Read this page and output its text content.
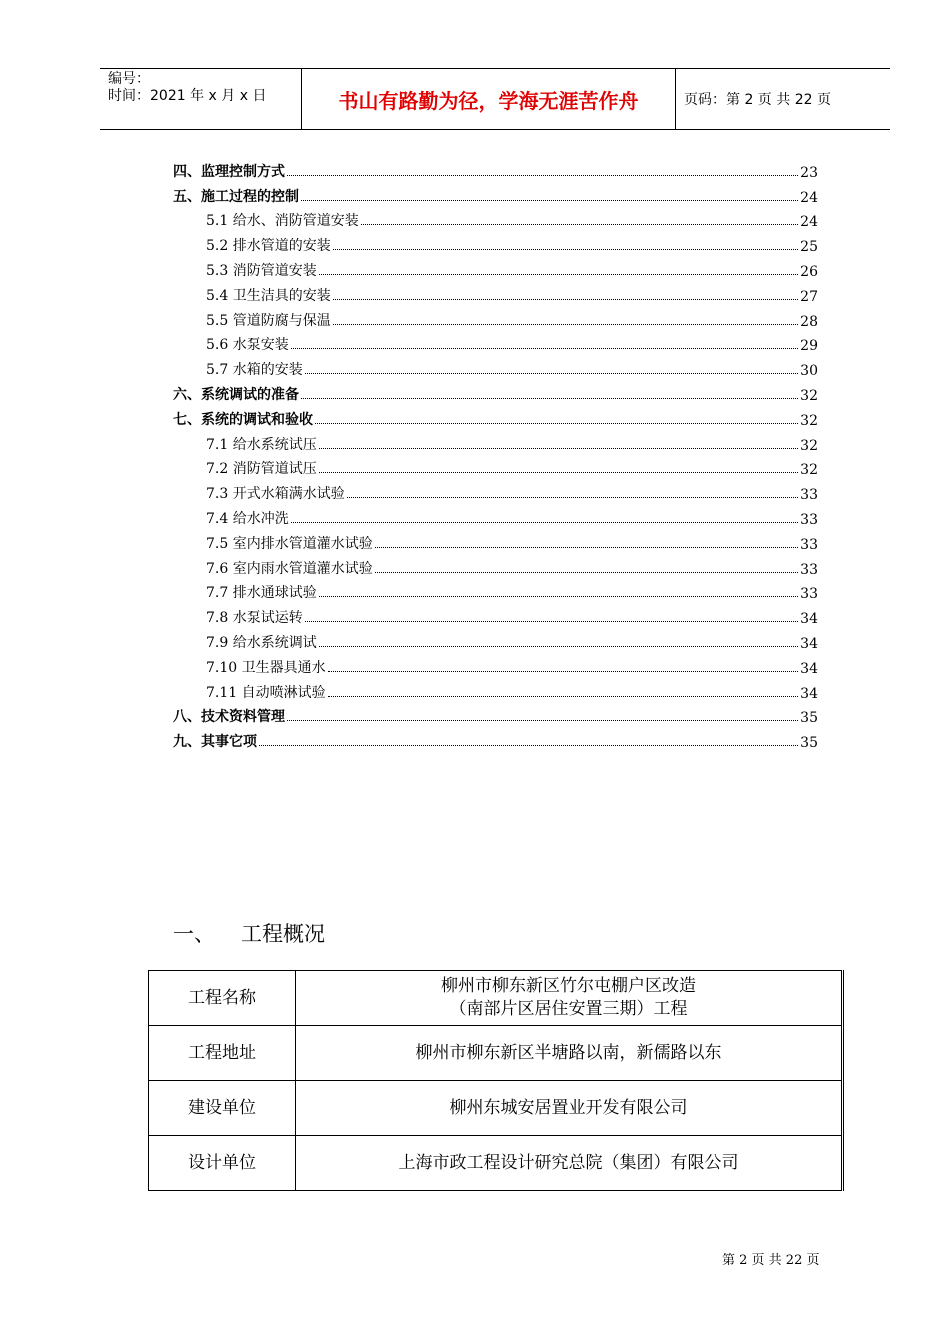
编号：
时间：2021 年 x 月 x 日	书山有路勤为径，学海无涯苦作舟	页码：第 2 页 共 22 页
四、监理控制方式	23
五、施工过程的控制	24
5.1 给水、消防管道安装	24
5.2 排水管道的安装	25
5.3 消防管道安装	26
5.4 卫生洁具的安装	27
5.5 管道防腐与保温	28
5.6 水泵安装	29
5.7 水箱的安装	30
六、系统调试的准备	32
七、系统的调试和验收	32
7.1 给水系统试压	32
7.2 消防管道试压	32
7.3 开式水箱满水试验	33
7.4 给水冲洗	33
7.5 室内排水管道灌水试验	33
7.6 室内雨水管道灌水试验	33
7.7 排水通球试验	33
7.8 水泵试运转	34
7.9 给水系统调试	34
7.10 卫生器具通水	34
7.11 自动喷淋试验	34
八、技术资料管理	35
九、其事它项	35
一、 工程概况
工程名称	柳州市柳东新区竹尔屯棚户区改造
（南部片区居住安置三期）工程

工程地址	柳州市柳东新区半塘路以南，新儒路以东

建设单位	柳州东城安居置业开发有限公司

设计单位	上海市政工程设计研究总院（集团）有限公司
第 2 页 共 22 页
